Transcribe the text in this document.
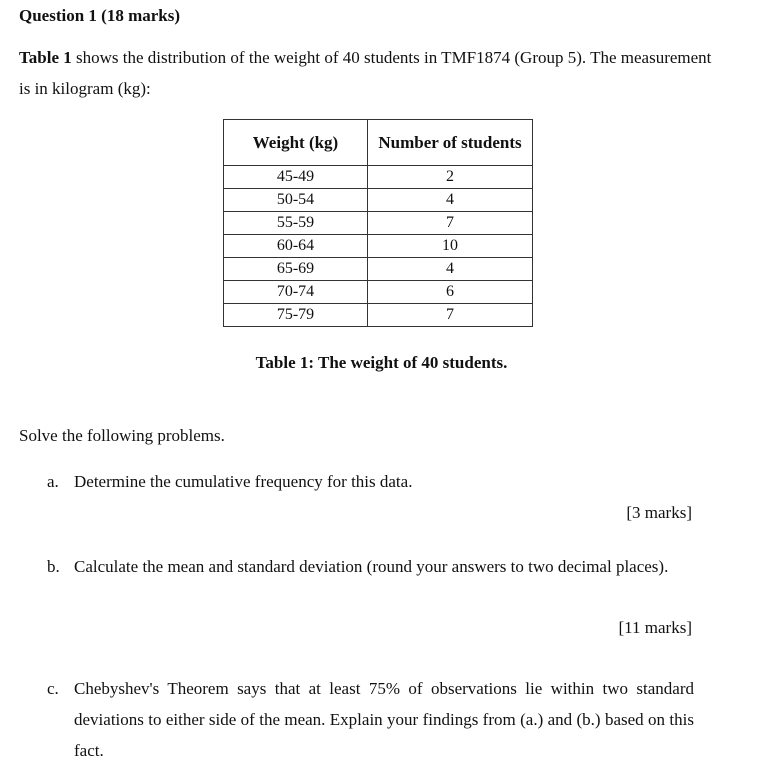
Question 1 (18 marks)

Table 1 shows the distribution of the weight of 40 students in TMF1874 (Group 5). The measurement is in kilogram (kg):

Weight (kg)	Number of students
45-49	2
50-54	4
55-59	7
60-64	10
65-69	4
70-74	6
75-79	7
Table 1: The weight of 40 students.
Solve the following problems.
a. Determine the cumulative frequency for this data.

[3 marks]
b. Calculate the mean and standard deviation (round your answers to two decimal places).

[11 marks]
c. Chebyshev's Theorem says that at least 75% of observations lie within two standard deviations to either side of the mean. Explain your findings from (a.) and (b.) based on this fact.
